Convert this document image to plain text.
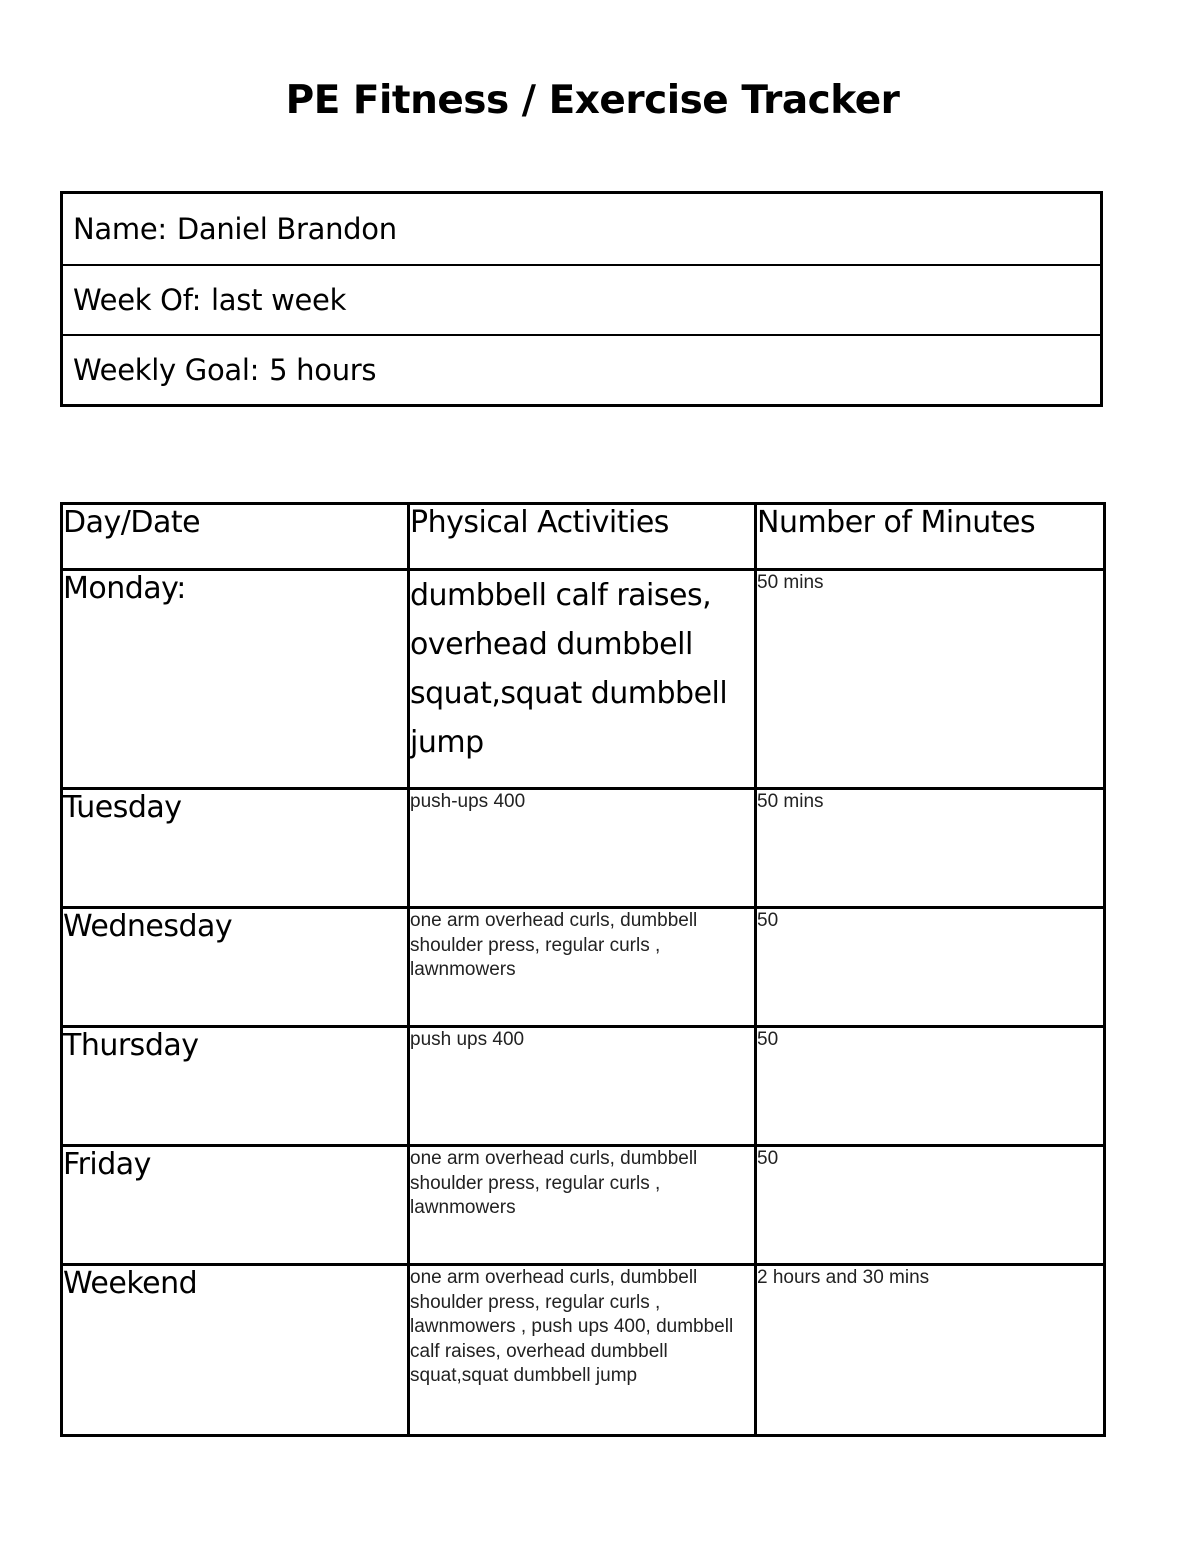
PE Fitness / Exercise Tracker
Name: Daniel Brandon
Week Of: last week
Weekly Goal: 5 hours
Day/Date	Physical Activities	Number of Minutes
Monday:	dumbbell calf raises, overhead dumbbell squat,squat dumbbell jump	50 mins
Tuesday	push-ups 400	50 mins
Wednesday	one arm overhead curls, dumbbell shoulder press, regular curls , lawnmowers	50
Thursday	push ups 400	50
Friday	one arm overhead curls, dumbbell shoulder press, regular curls , lawnmowers	50
Weekend	one arm overhead curls, dumbbell shoulder press, regular curls , lawnmowers , push ups 400, dumbbell calf raises, overhead dumbbell squat,squat dumbbell jump	2 hours and 30 mins
